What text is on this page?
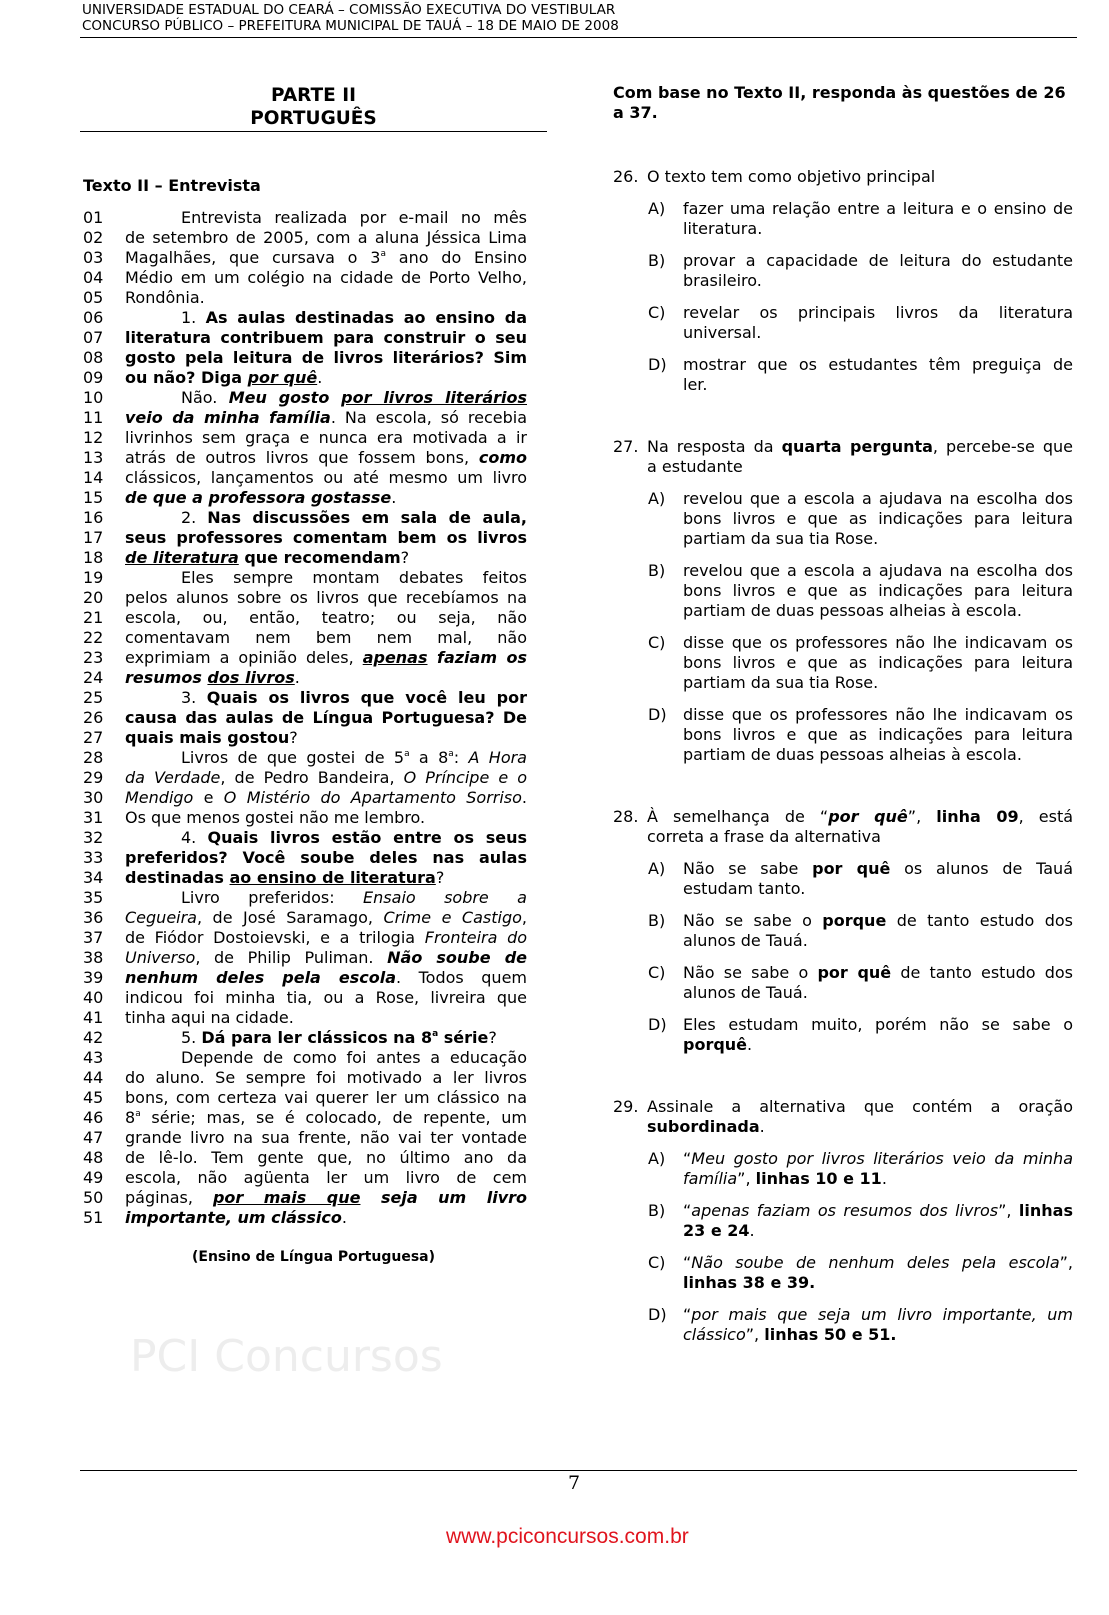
PCI Concursos
UNIVERSIDADE ESTADUAL DO CEARÁ – COMISSÃO EXECUTIVA DO VESTIBULAR
CONCURSO PÚBLICO – PREFEITURA MUNICIPAL DE TAUÁ – 18 DE MAIO DE 2008
PARTE II
PORTUGUÊS
Texto II – Entrevista
01	Entrevista realizada por e-mail no mês
02	de setembro de 2005, com a aluna Jéssica Lima
03	Magalhães, que cursava o 3$^a$ ano do Ensino
04	Médio em um colégio na cidade de Porto Velho,
05	Rondônia.
06	1. As aulas destinadas ao ensino da
07	literatura contribuem para construir o seu
08	gosto pela leitura de livros literários? Sim
09	ou não? Diga por quê.
10	Não. Meu gosto por livros literários
11	veio da minha família. Na escola, só recebia
12	livrinhos sem graça e nunca era motivada a ir
13	atrás de outros livros que fossem bons, como
14	clássicos, lançamentos ou até mesmo um livro
15	de que a professora gostasse.
16	2. Nas discussões em sala de aula,
17	seus professores comentam bem os livros
18	de literatura que recomendam?
19	Eles sempre montam debates feitos
20	pelos alunos sobre os livros que recebíamos na
21	escola, ou, então, teatro; ou seja, não
22	comentavam nem bem nem mal, não
23	exprimiam a opinião deles, apenas faziam os
24	resumos dos livros.
25	3. Quais os livros que você leu por
26	causa das aulas de Língua Portuguesa? De
27	quais mais gostou?
28	Livros de que gostei de 5$^a$ a 8$^a$: A Hora
29	da Verdade, de Pedro Bandeira, O Príncipe e o
30	Mendigo e O Mistério do Apartamento Sorriso.
31	Os que menos gostei não me lembro.
32	4. Quais livros estão entre os seus
33	preferidos? Você soube deles nas aulas
34	destinadas ao ensino de literatura?
35	Livro preferidos: Ensaio sobre a
36	Cegueira, de José Saramago, Crime e Castigo,
37	de Fiódor Dostoievski, e a trilogia Fronteira do
38	Universo, de Philip Puliman. Não soube de
39	nenhum deles pela escola. Todos quem
40	indicou foi minha tia, ou a Rose, livreira que
41	tinha aqui na cidade.
42	5. Dá para ler clássicos na 8$^a$ série?
43	Depende de como foi antes a educação
44	do aluno. Se sempre foi motivado a ler livros
45	bons, com certeza vai querer ler um clássico na
46	8$^a$ série; mas, se é colocado, de repente, um
47	grande livro na sua frente, não vai ter vontade
48	de lê-lo. Tem gente que, no último ano da
49	escola, não agüenta ler um livro de cem
50	páginas, por mais que seja um livro
51	importante, um clássico.
(Ensino de Língua Portuguesa)
Com base no Texto II, responda às questões de 26 a 37.
26. O texto tem como objetivo principal
A)	fazer uma relação entre a leitura e o ensino de
literatura.
B)	provar a capacidade de leitura do estudante
brasileiro.
C)	revelar os principais livros da literatura
universal.
D)	mostrar que os estudantes têm preguiça de
ler.
27. Na resposta da quarta pergunta, percebe-se que
a estudante
A)	revelou que a escola a ajudava na escolha dos
bons livros e que as indicações para leitura
partiam da sua tia Rose.
B)	revelou que a escola a ajudava na escolha dos
bons livros e que as indicações para leitura
partiam de duas pessoas alheias à escola.
C)	disse que os professores não lhe indicavam os
bons livros e que as indicações para leitura
partiam da sua tia Rose.
D)	disse que os professores não lhe indicavam os
bons livros e que as indicações para leitura
partiam de duas pessoas alheias à escola.
28. À semelhança de “por quê”, linha 09, está
correta a frase da alternativa
A)	Não se sabe por quê os alunos de Tauá
estudam tanto.
B)	Não se sabe o porque de tanto estudo dos
alunos de Tauá.
C)	Não se sabe o por quê de tanto estudo dos
alunos de Tauá.
D)	Eles estudam muito, porém não se sabe o
porquê.
29. Assinale a alternativa que contém a oração
subordinada.
A)	“Meu gosto por livros literários veio da minha
família”, linhas 10 e 11.
B)	“apenas faziam os resumos dos livros”, linhas
23 e 24.
C)	“Não soube de nenhum deles pela escola”,
linhas 38 e 39.
D)	“por mais que seja um livro importante, um
clássico”, linhas 50 e 51.
7
www.pciconcursos.com.br
